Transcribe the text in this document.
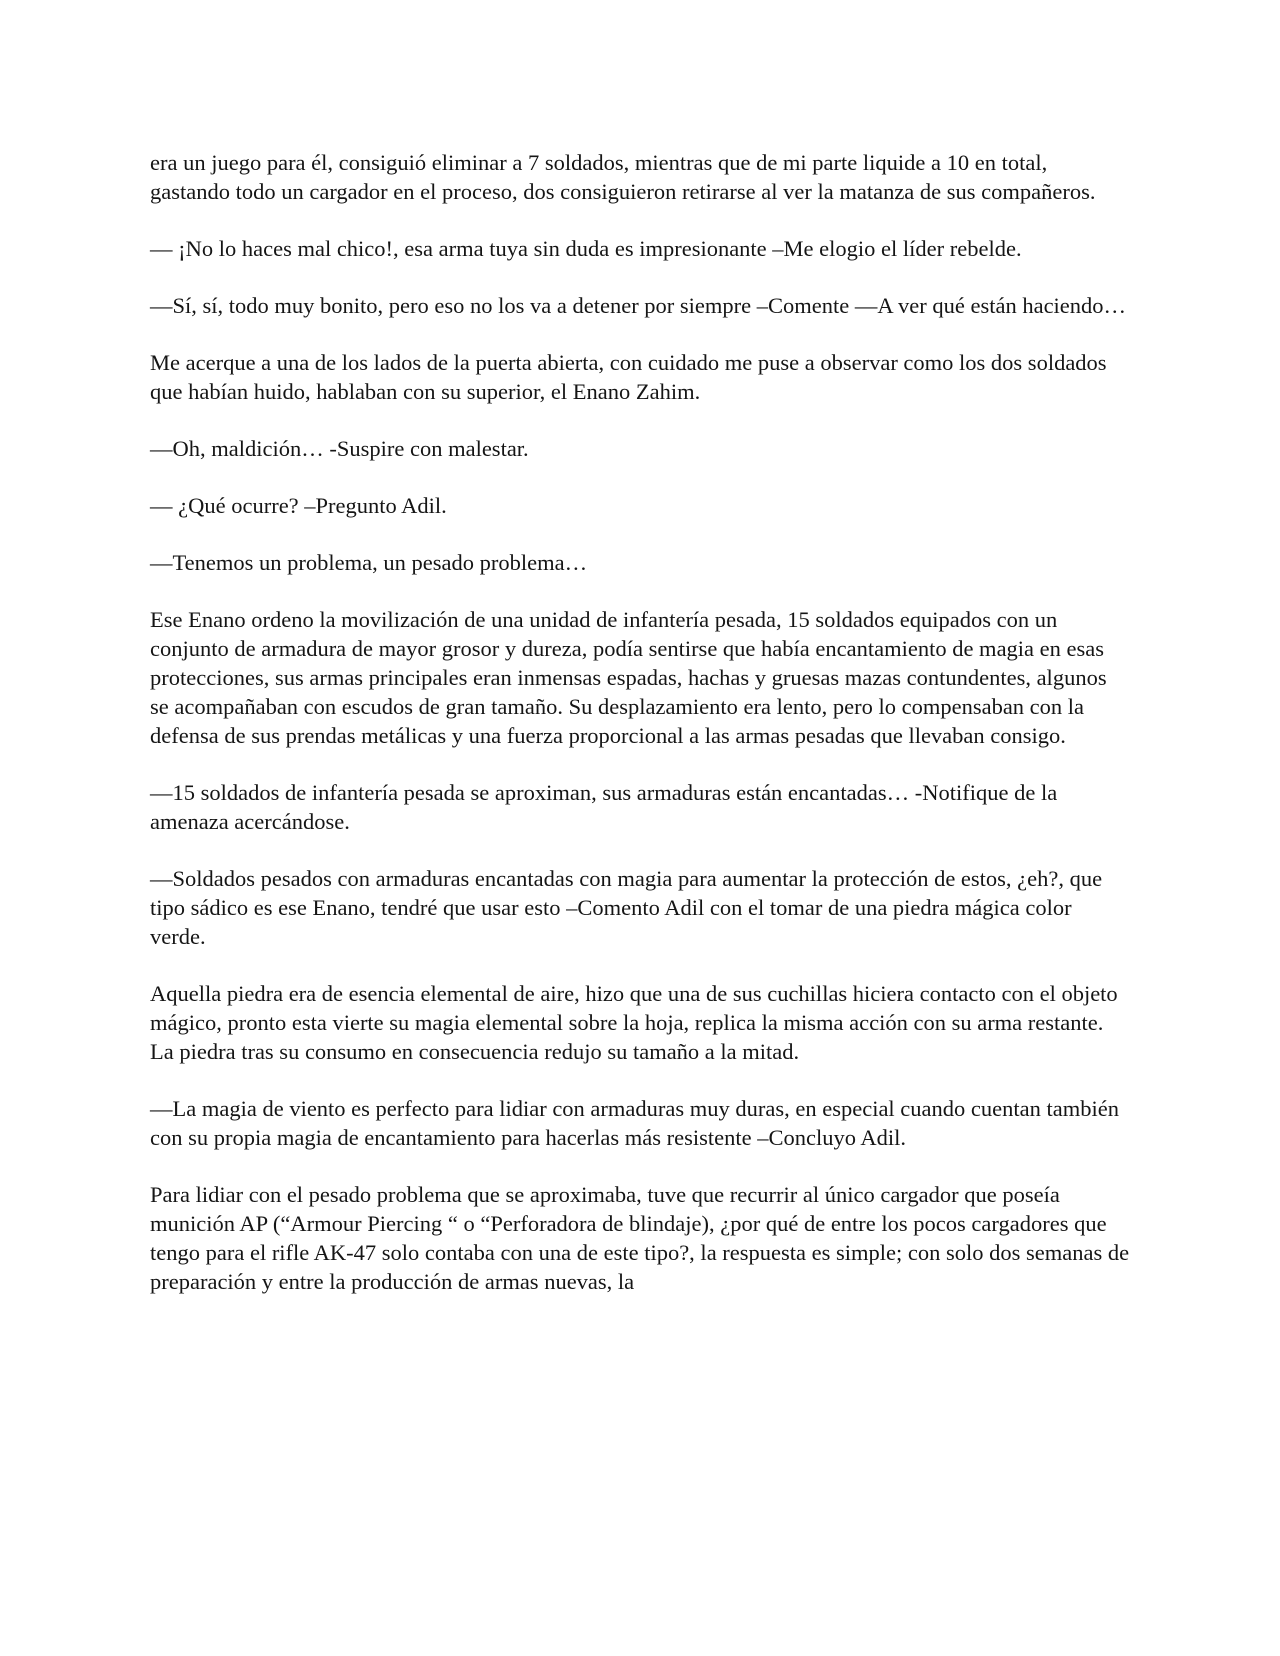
era un juego para él, consiguió eliminar a 7 soldados, mientras que de mi parte liquide a 10 en total, gastando todo un cargador en el proceso, dos consiguieron retirarse al ver la matanza de sus compañeros.

— ¡No lo haces mal chico!, esa arma tuya sin duda es impresionante –Me elogio el líder rebelde.

—Sí, sí, todo muy bonito, pero eso no los va a detener por siempre –Comente —A ver qué están haciendo…

Me acerque a una de los lados de la puerta abierta, con cuidado me puse a observar como los dos soldados que habían huido, hablaban con su superior, el Enano Zahim.

—Oh, maldición… -Suspire con malestar.

— ¿Qué ocurre? –Pregunto Adil.

—Tenemos un problema, un pesado problema…

Ese Enano ordeno la movilización de una unidad de infantería pesada, 15 soldados equipados con un conjunto de armadura de mayor grosor y dureza, podía sentirse que había encantamiento de magia en esas protecciones, sus armas principales eran inmensas espadas, hachas y gruesas mazas contundentes, algunos se acompañaban con escudos de gran tamaño. Su desplazamiento era lento, pero lo compensaban con la defensa de sus prendas metálicas y una fuerza proporcional a las armas pesadas que llevaban consigo.

—15 soldados de infantería pesada se aproximan, sus armaduras están encantadas… -Notifique de la amenaza acercándose.

—Soldados pesados con armaduras encantadas con magia para aumentar la protección de estos, ¿eh?, que tipo sádico es ese Enano, tendré que usar esto –Comento Adil con el tomar de una piedra mágica color verde.

Aquella piedra era de esencia elemental de aire, hizo que una de sus cuchillas hiciera contacto con el objeto mágico, pronto esta vierte su magia elemental sobre la hoja, replica la misma acción con su arma restante. La piedra tras su consumo en consecuencia redujo su tamaño a la mitad.

—La magia de viento es perfecto para lidiar con armaduras muy duras, en especial cuando cuentan también con su propia magia de encantamiento para hacerlas más resistente –Concluyo Adil.

Para lidiar con el pesado problema que se aproximaba, tuve que recurrir al único cargador que poseía munición AP (“Armour Piercing “ o “Perforadora de blindaje), ¿por qué de entre los pocos cargadores que tengo para el rifle AK-47 solo contaba con una de este tipo?, la respuesta es simple; con solo dos semanas de preparación y entre la producción de armas nuevas, la
